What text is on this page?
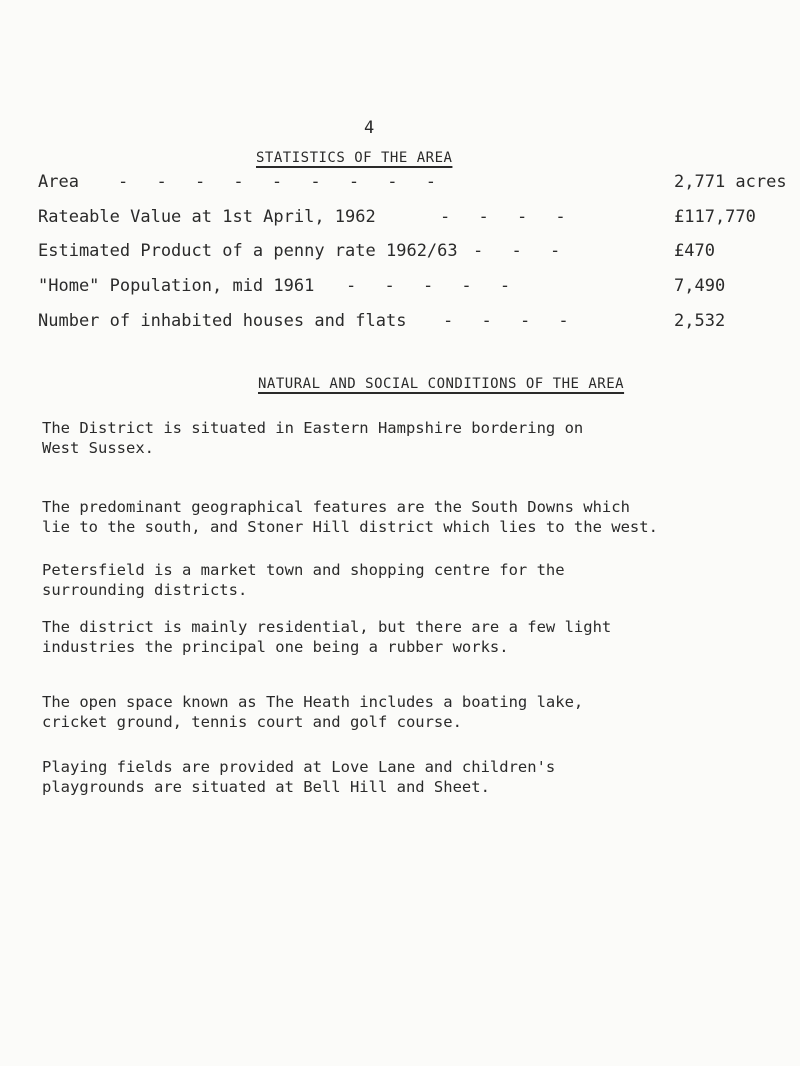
4
STATISTICS OF THE AREA
Area - - - - - - - - -	2,771 acres
Rateable Value at 1st April, 1962	- - - -	£117,770
Estimated Product of a penny rate 1962/63 - - -	£470
"Home" Population, mid 1961 - - - - -	7,490
Number of inhabited houses and flats - - - -	2,532
NATURAL AND SOCIAL CONDITIONS OF THE AREA

The District is situated in Eastern Hampshire bordering on
West Sussex.

The predominant geographical features are the South Downs which
lie to the south, and Stoner Hill district which lies to the west.

Petersfield is a market town and shopping centre for the
surrounding districts.

The district is mainly residential, but there are a few light
industries the principal one being a rubber works.

The open space known as The Heath includes a boating lake,
cricket ground, tennis court and golf course.

Playing fields are provided at Love Lane and children's
playgrounds are situated at Bell Hill and Sheet.
